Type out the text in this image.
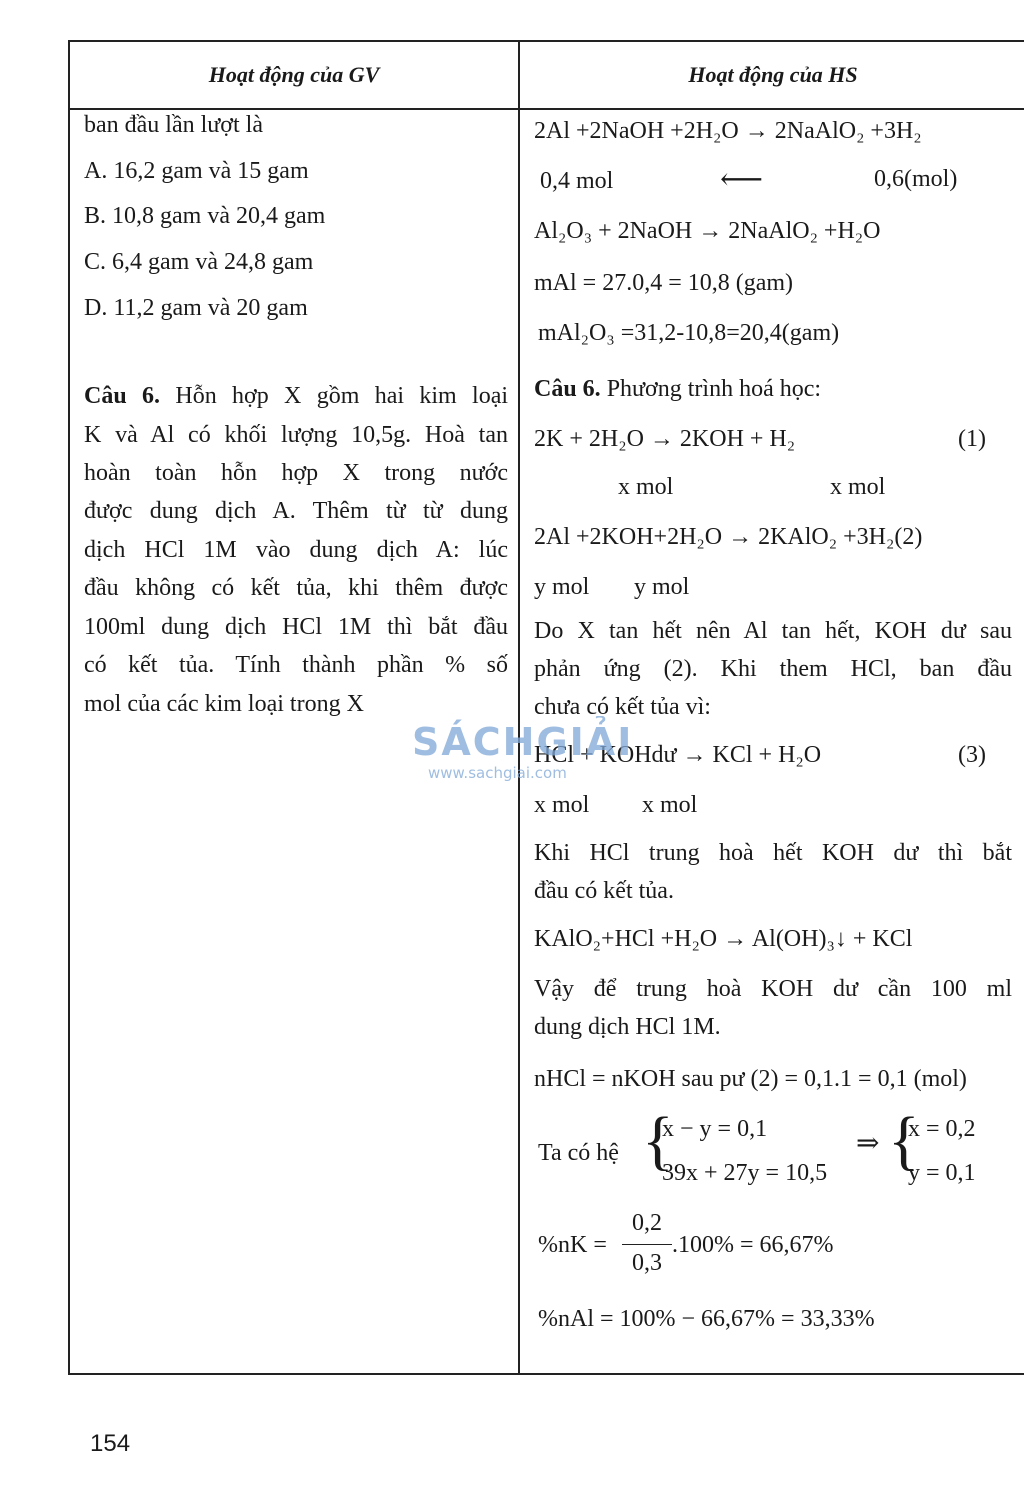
Hoạt động của GV	Hoạt động của HS
ban đầu lần lượt là
A. 16,2 gam và 15 gam
B. 10,8 gam và 20,4 gam
C. 6,4 gam và 24,8 gam
D. 11,2 gam và 20 gam
Câu 6. Hỗn hợp X gồm hai kim loại
K và Al có khối lượng 10,5g. Hoà tan
hoàn toàn hỗn hợp X trong nước
được dung dịch A. Thêm từ từ dung
dịch HCl 1M vào dung dịch A: lúc
đầu không có kết tủa, khi thêm được
100ml dung dịch HCl 1M thì bắt đầu
có kết tủa. Tính thành phần % số
mol của các kim loại trong X
2Al +2NaOH +2H₂O → 2NaAlO₂ +3H₂
0,4 mol	⟵	0,6(mol)
Al₂O₃ + 2NaOH → 2NaAlO₂ +H₂O
mAl = 27.0,4 = 10,8 (gam)
mAl₂O₃ =31,2-10,8=20,4(gam)
Câu 6. Phương trình hoá học:
2K + 2H₂O → 2KOH + H₂	(1)
x mol	x mol
2Al +2KOH+2H₂O → 2KAlO₂ +3H₂(2)
y mol y mol
Do X tan hết nên Al tan hết, KOH dư sau
phản ứng (2). Khi them HCl, ban đầu
chưa có kết tủa vì:
HCl + KOHdư → KCl + H₂O	(3)
x mol x mol
Khi HCl trung hoà hết KOH dư thì bắt
đầu có kết tủa.
KAlO₂+HCl +H₂O → Al(OH)₃↓ + KCl
Vậy để trung hoà KOH dư cần 100 ml
dung dịch HCl 1M.
nHCl = nKOH sau pư (2) = 0,1.1 = 0,1 (mol)
Ta có hệ {
x − y = 0,1
39x + 27y = 10,5
⇒ {
x = 0,2
y = 0,1
%nK =
0,2
0,3
.100% = 66,67%
%nAl = 100% − 66,67% = 33,33%
SÁCHGIẢI
www.sachgiai.com
154
